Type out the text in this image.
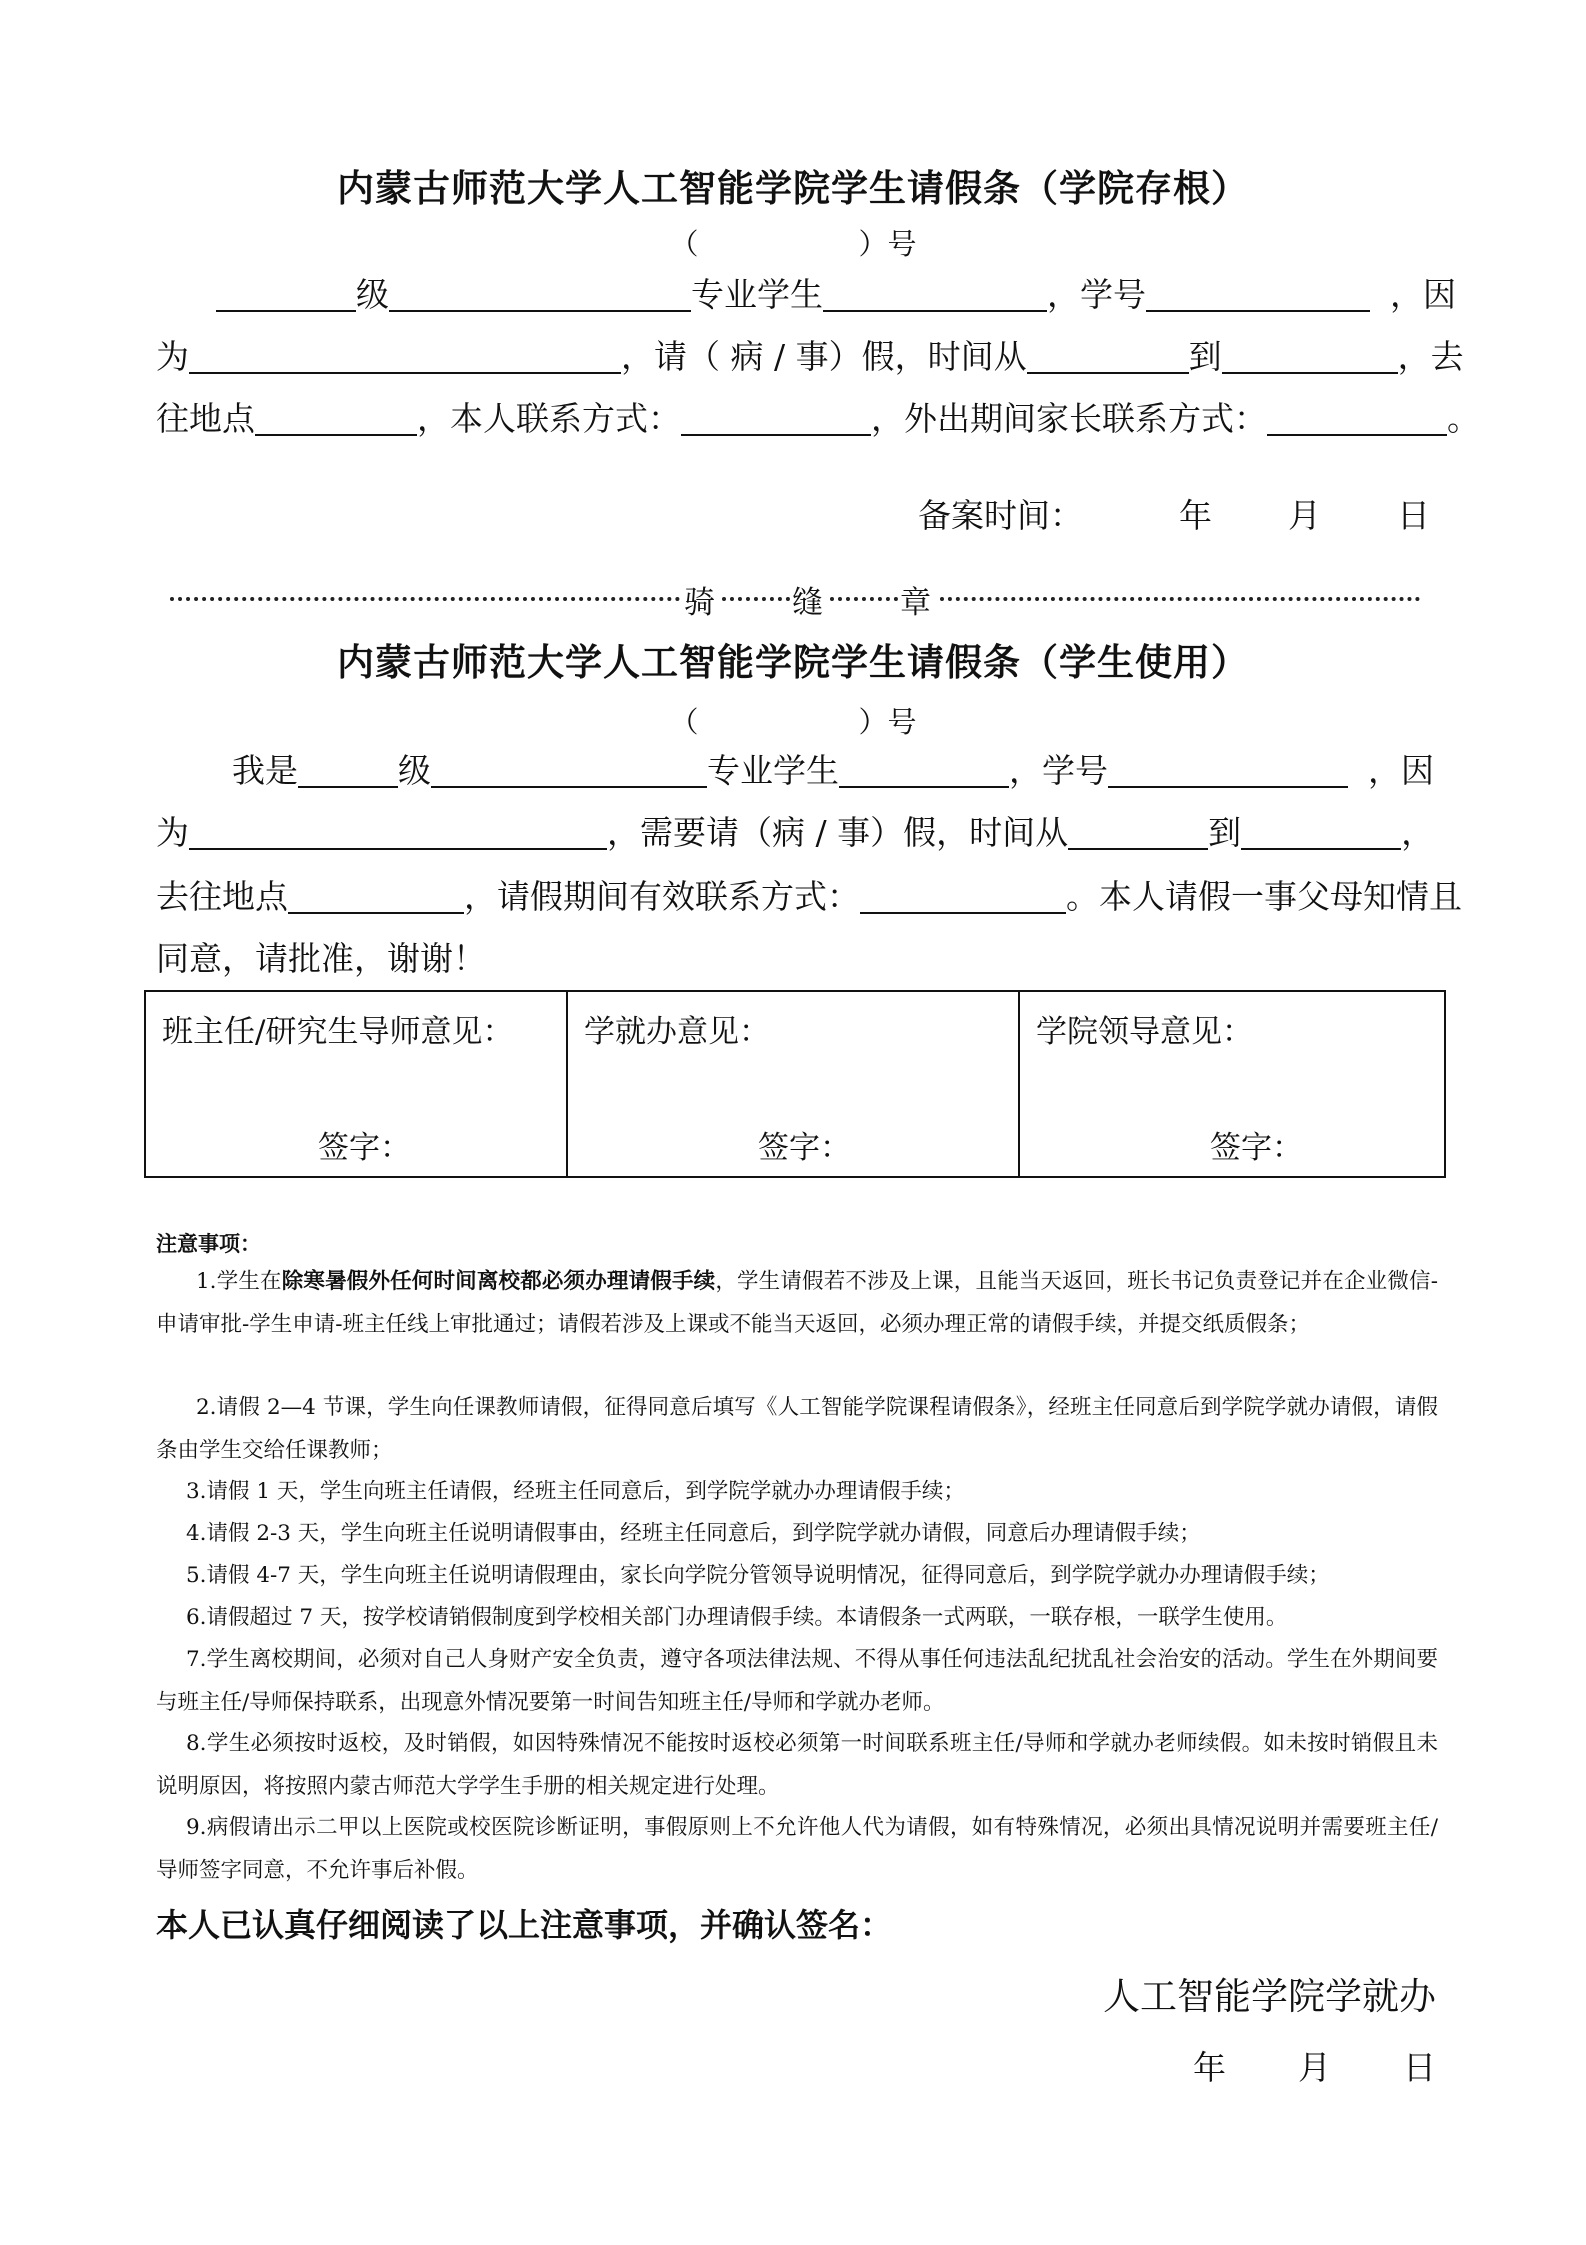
内蒙古师范大学人工智能学院学生请假条（学院存根）
（	）号
级	专业学生	，学号	，因
为	，请（ 病 / 事）假，时间从	到	，去
往地点	，本人联系方式：	，外出期间家长联系方式：	。
备案时间：	年 月 日
骑 缝 章
内蒙古师范大学人工智能学院学生请假条（学生使用）
（	）号
我是	级	专业学生	，学号	，因
为	，需要请（病 / 事）假，时间从	到	，
去往地点	，请假期间有效联系方式：	。本人请假一事父母知情且
同意，请批准，谢谢！
班主任/研究生导师意见：
签字：

学就办意见：
签字：

学院领导意见：
签字：
注意事项：

1.学生在除寒暑假外任何时间离校都必须办理请假手续，学生请假若不涉及上课，且能当天返回，班长书记负责登记并在企业微信-申请审批-学生申请-班主任线上审批通过；请假若涉及上课或不能当天返回，必须办理正常的请假手续，并提交纸质假条；

2.请假 2—4 节课，学生向任课教师请假，征得同意后填写《人工智能学院课程请假条》，经班主任同意后到学院学就办请假，请假条由学生交给任课教师；

3.请假 1 天，学生向班主任请假，经班主任同意后，到学院学就办办理请假手续；

4.请假 2-3 天，学生向班主任说明请假事由，经班主任同意后，到学院学就办请假，同意后办理请假手续；

5.请假 4-7 天，学生向班主任说明请假理由，家长向学院分管领导说明情况，征得同意后，到学院学就办办理请假手续；

6.请假超过 7 天，按学校请销假制度到学校相关部门办理请假手续。本请假条一式两联，一联存根，一联学生使用。

7.学生离校期间，必须对自己人身财产安全负责，遵守各项法律法规、不得从事任何违法乱纪扰乱社会治安的活动。学生在外期间要与班主任/导师保持联系，出现意外情况要第一时间告知班主任/导师和学就办老师。

8.学生必须按时返校，及时销假，如因特殊情况不能按时返校必须第一时间联系班主任/导师和学就办老师续假。如未按时销假且未说明原因，将按照内蒙古师范大学学生手册的相关规定进行处理。

9.病假请出示二甲以上医院或校医院诊断证明，事假原则上不允许他人代为请假，如有特殊情况，必须出具情况说明并需要班主任/导师签字同意，不允许事后补假。

本人已认真仔细阅读了以上注意事项，并确认签名：
人工智能学院学就办
年 月 日
